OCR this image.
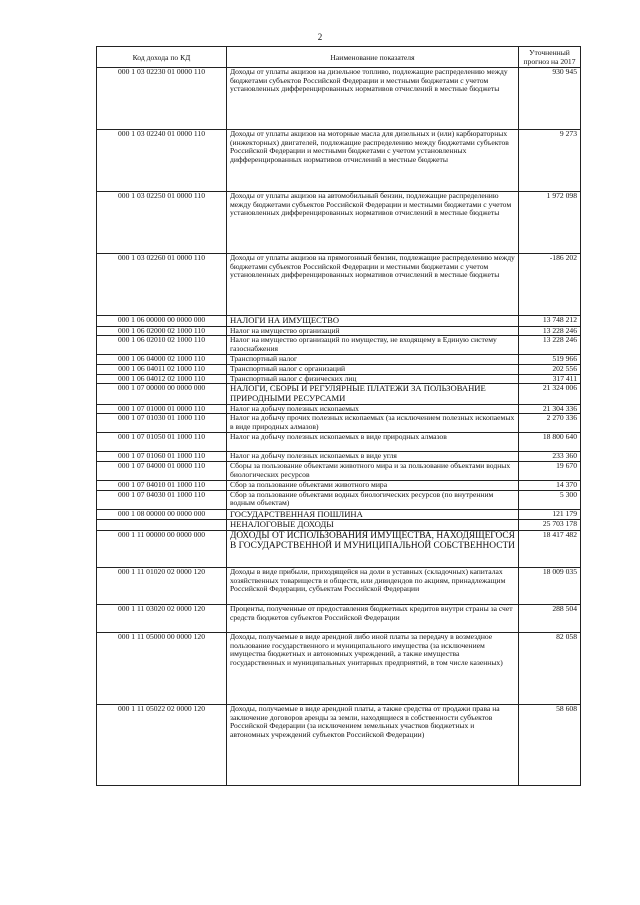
2
Код дохода по КД	Наименование показателя	Уточненный прогноз на 2017
000 1 03 02230 01 0000 110	Доходы от уплаты акцизов на дизельное топливо, подлежащие распределению между бюджетами субъектов Российской Федерации и местными бюджетами с учетом установленных дифференцированных нормативов отчислений в местные бюджеты	930 945
000 1 03 02240 01 0000 110	Доходы от уплаты акцизов на моторные масла для дизельных и (или) карбюраторных (инжекторных) двигателей, подлежащие распределению между бюджетами субъектов Российской Федерации и местными бюджетами с учетом установленных дифференцированных нормативов отчислений в местные бюджеты	9 273
000 1 03 02250 01 0000 110	Доходы от уплаты акцизов на автомобильный бензин, подлежащие распределению между бюджетами субъектов Российской Федерации и местными бюджетами с учетом установленных дифференцированных нормативов отчислений в местные бюджеты	1 972 098
000 1 03 02260 01 0000 110	Доходы от уплаты акцизов на прямогонный бензин, подлежащие распределению между бюджетами субъектов Российской Федерации и местными бюджетами с учетом установленных дифференцированных нормативов отчислений в местные бюджеты	-186 202
000 1 06 00000 00 0000 000	НАЛОГИ НА ИМУЩЕСТВО	13 748 212
000 1 06 02000 02 1000 110	Налог на имущество организаций	13 228 246
000 1 06 02010 02 1000 110	Налог на имущество организаций по имуществу, не входящему в Единую систему газоснабжения	13 228 246
000 1 06 04000 02 1000 110	Транспортный налог	519 966
000 1 06 04011 02 1000 110	Транспортный налог с организаций	202 556
000 1 06 04012 02 1000 110	Транспортный налог с физических лиц	317 411
000 1 07 00000 00 0000 000	НАЛОГИ, СБОРЫ И РЕГУЛЯРНЫЕ ПЛАТЕЖИ ЗА ПОЛЬЗОВАНИЕ ПРИРОДНЫМИ РЕСУРСАМИ	21 324 006
000 1 07 01000 01 0000 110	Налог на добычу полезных ископаемых	21 304 336
000 1 07 01030 01 1000 110	Налог на добычу прочих полезных ископаемых (за исключением полезных ископаемых в виде природных алмазов)	2 270 336
000 1 07 01050 01 1000 110	Налог на добычу полезных ископаемых в виде природных алмазов	18 800 640
000 1 07 01060 01 1000 110	Налог на добычу полезных ископаемых в виде угля	233 360
000 1 07 04000 01 0000 110	Сборы за пользование объектами животного мира и за пользование объектами водных биологических ресурсов	19 670
000 1 07 04010 01 1000 110	Сбор за пользование объектами животного мира	14 370
000 1 07 04030 01 1000 110	Сбор за пользование объектами водных биологических ресурсов (по внутренним водным объектам)	5 300
000 1 08 00000 00 0000 000	ГОСУДАРСТВЕННАЯ ПОШЛИНА	121 179
	НЕНАЛОГОВЫЕ ДОХОДЫ	25 703 178
000 1 11 00000 00 0000 000	ДОХОДЫ ОТ ИСПОЛЬЗОВАНИЯ ИМУЩЕСТВА, НАХОДЯЩЕГОСЯ В ГОСУДАРСТВЕННОЙ И МУНИЦИПАЛЬНОЙ СОБСТВЕННОСТИ	18 417 482
000 1 11 01020 02 0000 120	Доходы в виде прибыли, приходящейся на доли в уставных (складочных) капиталах хозяйственных товариществ и обществ, или дивидендов по акциям, принадлежащим Российской Федерации, субъектам Российской Федерации	18 009 035
000 1 11 03020 02 0000 120	Проценты, полученные от предоставления бюджетных кредитов внутри страны за счет средств бюджетов субъектов Российской Федерации	288 504
000 1 11 05000 00 0000 120	Доходы, получаемые в виде арендной либо иной платы за передачу в возмездное пользование государственного и муниципального имущества (за исключением имущества бюджетных и автономных учреждений, а также имущества государственных и муниципальных унитарных предприятий, в том числе казенных)	82 058
000 1 11 05022 02 0000 120	Доходы, получаемые в виде арендной платы, а также средства от продажи права на заключение договоров аренды за земли, находящиеся в собственности субъектов Российской Федерации (за исключением земельных участков бюджетных и автономных учреждений субъектов Российской Федерации)	58 608
